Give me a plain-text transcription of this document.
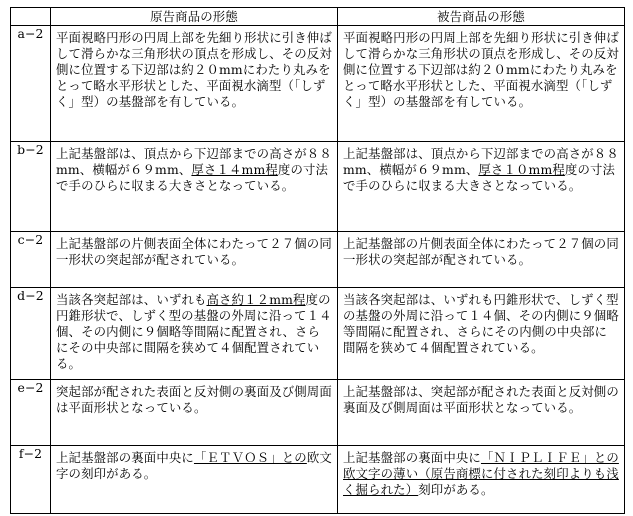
	原告商品の形態	被告商品の形態
a−2	平面視略円形の円周上部を先細り形状に引き伸ばして滑らかな三角形状の頂点を形成し、その反対側に位置する下辺部は約２０mmにわたり丸みをとって略水平形状とした、平面視水滴型（「しずく」型）の基盤部を有している。	平面視略円形の円周上部を先細り形状に引き伸ばして滑らかな三角形状の頂点を形成し、その反対側に位置する下辺部は約２０mmにわたり丸みをとって略水平形状とした、平面視水滴型（「しずく」型）の基盤部を有している。
b−2	上記基盤部は、頂点から下辺部までの高さが８８mm、横幅が６９mm、厚さ１４mm程度の寸法で手のひらに収まる大きさとなっている。	上記基盤部は、頂点から下辺部までの高さが８８mm、横幅が６９mm、厚さ１０mm程度の寸法で手のひらに収まる大きさとなっている。
c−2	上記基盤部の片側表面全体にわたって２７個の同一形状の突起部が配されている。	上記基盤部の片側表面全体にわたって２７個の同一形状の突起部が配されている。
d−2	当該各突起部は、いずれも高さ約１２mm程度の円錐形状で、しずく型の基盤の外周に沿って１４個、その内側に９個略等間隔に配置され、さらにその中央部に間隔を狭めて４個配置されている。	当該各突起部は、いずれも円錐形状で、しずく型の基盤の外周に沿って１４個、その内側に９個略等間隔に配置され、さらにその内側の中央部に間隔を狭めて４個配置されている。
e−2	突起部が配された表面と反対側の裏面及び側周面は平面形状となっている。	上記基盤部は、突起部が配された表面と反対側の裏面及び側周面は平面形状となっている。
f−2	上記基盤部の裏面中央に「ＥＴＶＯＳ」との欧文字の刻印がある。	上記基盤部の裏面中央に「ＮＩＰＬＩＦＥ」との欧文字の薄い（原告商標に付された刻印よりも浅く掘られた）刻印がある。
